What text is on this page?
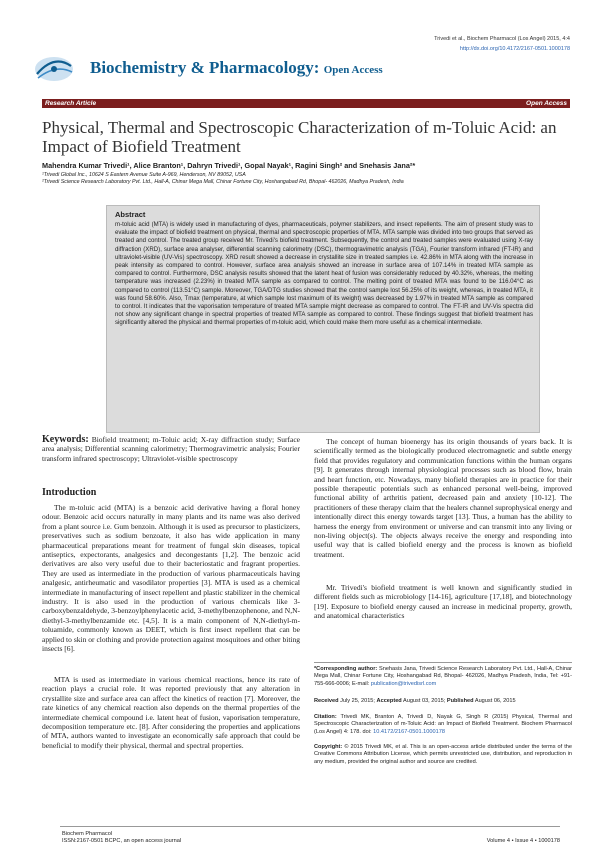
Trivedi et al., Biochem Pharmacol (Los Angel) 2015, 4:4
http://dx.doi.org/10.4172/2167-0501.1000178
Biochemistry & Pharmacology: Open Access
Research Article	Open Access
Physical, Thermal and Spectroscopic Characterization of m-Toluic Acid: an Impact of Biofield Treatment
Mahendra Kumar Trivedi¹, Alice Branton¹, Dahryn Trivedi¹, Gopal Nayak¹, Ragini Singh² and Snehasis Jana²*
¹Trivedi Global Inc., 10624 S Eastern Avenue Suite A-969, Henderson, NV 89052, USA
²Trivedi Science Research Laboratory Pvt. Ltd., Hall-A, Chinar Mega Mall, Chinar Fortune City, Hoshangabad Rd, Bhopal- 462026, Madhya Pradesh, India
Abstract
m-toluic acid (MTA) is widely used in manufacturing of dyes, pharmaceuticals, polymer stabilizers, and insect repellents. The aim of present study was to evaluate the impact of biofield treatment on physical, thermal and spectroscopic properties of MTA. MTA sample was divided into two groups that served as treated and control. The treated group received Mr. Trivedi's biofield treatment. Subsequently, the control and treated samples were evaluated using X-ray diffraction (XRD), surface area analyser, differential scanning calorimetry (DSC), thermogravimetric analysis (TGA), Fourier transform infrared (FT-IR) and ultraviolet-visible (UV-Vis) spectroscopy. XRD result showed a decrease in crystallite size in treated samples i.e. 42.86% in MTA along with the increase in peak intensity as compared to control. However, surface area analysis showed an increase in surface area of 107.14% in treated MTA sample as compared to control. Furthermore, DSC analysis results showed that the latent heat of fusion was considerably reduced by 40.32%, whereas, the melting temperature was increased (2.23%) in treated MTA sample as compared to control. The melting point of treated MTA was found to be 116.04°C as compared to control (113.51°C) sample. Moreover, TGA/DTG studies showed that the control sample lost 56.25% of its weight, whereas, in treated MTA, it was found 58.60%. Also, Tmax (temperature, at which sample lost maximum of its weight) was decreased by 1.97% in treated MTA sample as compared to control. It indicates that the vaporisation temperature of treated MTA sample might decrease as compared to control. The FT-IR and UV-Vis spectra did not show any significant change in spectral properties of treated MTA sample as compared to control. These findings suggest that biofield treatment has significantly altered the physical and thermal properties of m-toluic acid, which could make them more useful as a chemical intermediate.
Keywords: Biofield treatment; m-Toluic acid; X-ray diffraction study; Surface area analysis; Differential scanning calorimetry; Thermogravimetric analysis; Fourier transform infrared spectroscopy; Ultraviolet-visible spectroscopy
Introduction
The m-toluic acid (MTA) is a benzoic acid derivative having a floral honey odour. Benzoic acid occurs naturally in many plants and its name was also derived from a plant source i.e. Gum benzoin. Although it is used as precursor to plasticizers, preservatives such as sodium benzoate, it also has wide application in many pharmaceutical preparations meant for treatment of fungal skin diseases, topical antiseptics, expectorants, analgesics and decongestants [1,2]. The benzoic acid derivatives are also very useful due to their bacteriostatic and fragrant properties. They are used as intermediate in the production of various pharmaceuticals having analgesic, antirheumatic and vasodilator properties [3]. MTA is used as a chemical intermediate in manufacturing of insect repellent and plastic stabilizer in the chemical industry. It is also used in the production of various chemicals like 3-carboxybenzaldehyde, 3-benzoylphenylacetic acid, 3-methylbenzophenone, and N,N-diethyl-3-methylbenzamide etc. [4,5]. It is a main component of N,N-diethyl-m-toluamide, commonly known as DEET, which is first insect repellent that can be applied to skin or clothing and provide protection against mosquitoes and other biting insects [6].
MTA is used as intermediate in various chemical reactions, hence its rate of reaction plays a crucial role. It was reported previously that any alteration in crystallite size and surface area can affect the kinetics of reaction [7]. Moreover, the rate kinetics of any chemical reaction also depends on the thermal properties of the intermediate chemical compound i.e. latent heat of fusion, vaporisation temperature, decomposition temperature etc. [8]. After considering the properties and applications of MTA, authors wanted to investigate an economically safe approach that could be beneficial to modify their physical, thermal and spectral properties.
The concept of human bioenergy has its origin thousands of years back. It is scientifically termed as the biologically produced electromagnetic and subtle energy field that provides regulatory and communication functions within the human organs [9]. It generates through internal physiological processes such as blood flow, brain and heart function, etc. Nowadays, many biofield therapies are in practice for their possible therapeutic potentials such as enhanced personal well-being, improved functional ability of arthritis patient, decreased pain and anxiety [10-12]. The practitioners of these therapy claim that the healers channel suprophysical energy and intentionally direct this energy towards target [13]. Thus, a human has the ability to harness the energy from environment or universe and can transmit into any living or non-living object(s). The objects always receive the energy and responding into useful way that is called biofield energy and the process is known as biofield treatment.
Mr. Trivedi's biofield treatment is well known and significantly studied in different fields such as microbiology [14-16], agriculture [17,18], and biotechnology [19]. Exposure to biofield energy caused an increase in medicinal property, growth, and anatomical characteristics
*Corresponding author: Snehasis Jana, Trivedi Science Research Laboratory Pvt. Ltd., Hall-A, Chinar Mega Mall, Chinar Fortune City, Hoshangabad Rd, Bhopal- 462026, Madhya Pradesh, India, Tel: +91-755-666-0006; E-mail: publication@trivedisrl.com
Received July 25, 2015; Accepted August 03, 2015; Published August 06, 2015
Citation: Trivedi MK, Branton A, Trivedi D, Nayak G, Singh R (2015) Physical, Thermal and Spectroscopic Characterization of m-Toluic Acid: an Impact of Biofield Treatment. Biochem Pharmacol (Los Angel) 4: 178. doi: 10.4172/2167-0501.1000178
Copyright: © 2015 Trivedi MK, et al. This is an open-access article distributed under the terms of the Creative Commons Attribution License, which permits unrestricted use, distribution, and reproduction in any medium, provided the original author and source are credited.
Biochem Pharmacol
ISSN:2167-0501 BCPC, an open access journal	Volume 4 • Issue 4 • 1000178
